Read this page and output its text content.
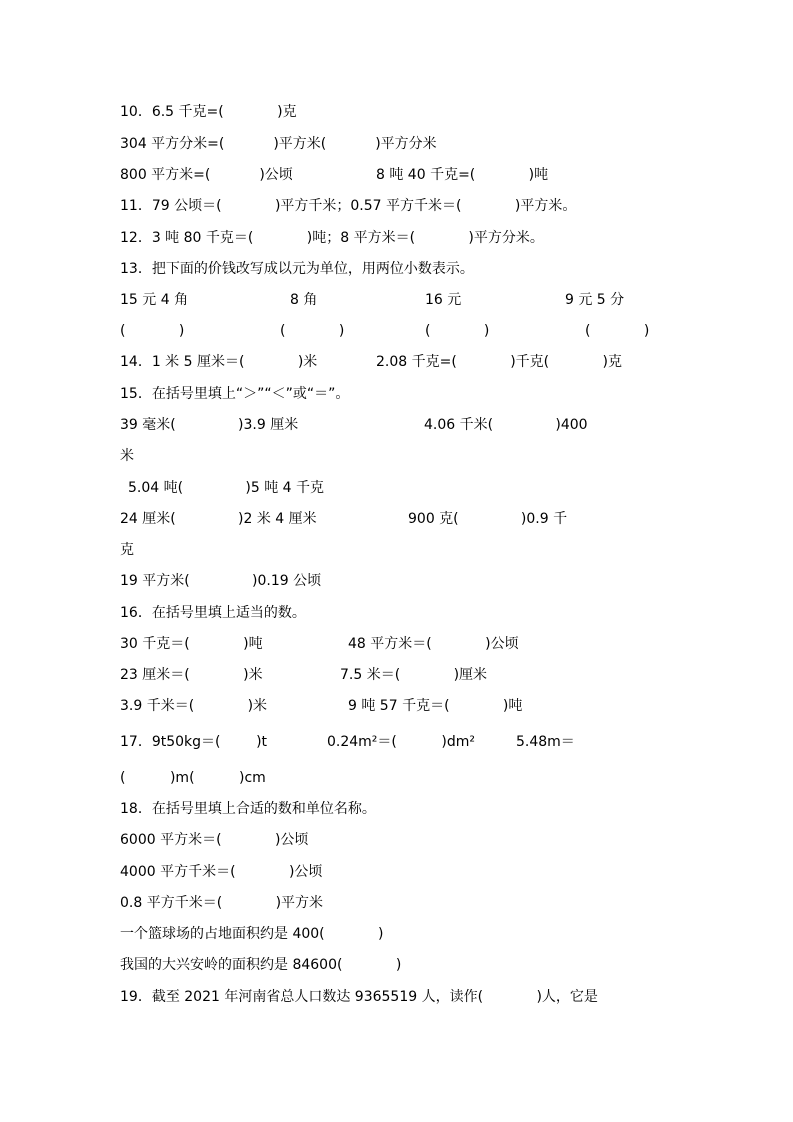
10．6.5 千克=(            )克
304 平方分米=(           )平方米(           )平方分米
800 平方米=(           )公顷	8 吨 40 千克=(            )吨
11．79 公顷＝(            )平方千米；0.57 平方千米＝(            )平方米。
12．3 吨 80 千克＝(            )吨；8 平方米＝(            )平方分米。
13．把下面的价钱改写成以元为单位，用两位小数表示。
15 元 4 角	8 角	16 元	9 元 5 分
(            )	(            )	(            )	(            )
14．1 米 5 厘米＝(            )米	2.08 千克=(            )千克(            )克
15．在括号里填上“＞”“＜”或“＝”。
39 毫米(              )3.9 厘米	4.06 千米(              )400
米
5.04 吨(              )5 吨 4 千克
24 厘米(              )2 米 4 厘米	900 克(              )0.9 千
克
19 平方米(              )0.19 公顷
16．在括号里填上适当的数。
30 千克＝(            )吨	48 平方米＝(            )公顷
23 厘米＝(            )米	7.5 米＝(            )厘米
3.9 千米＝(            )米	9 吨 57 千克＝(            )吨
17．9t50kg＝(        )t	0.24m²＝(          )dm²	5.48m＝
(          )m(          )cm
18．在括号里填上合适的数和单位名称。
6000 平方米＝(            )公顷
4000 平方千米＝(            )公顷
0.8 平方千米＝(            )平方米
一个篮球场的占地面积约是 400(            )
我国的大兴安岭的面积约是 84600(            )
19．截至 2021 年河南省总人口数达 9365519 人，读作(            )人，它是
